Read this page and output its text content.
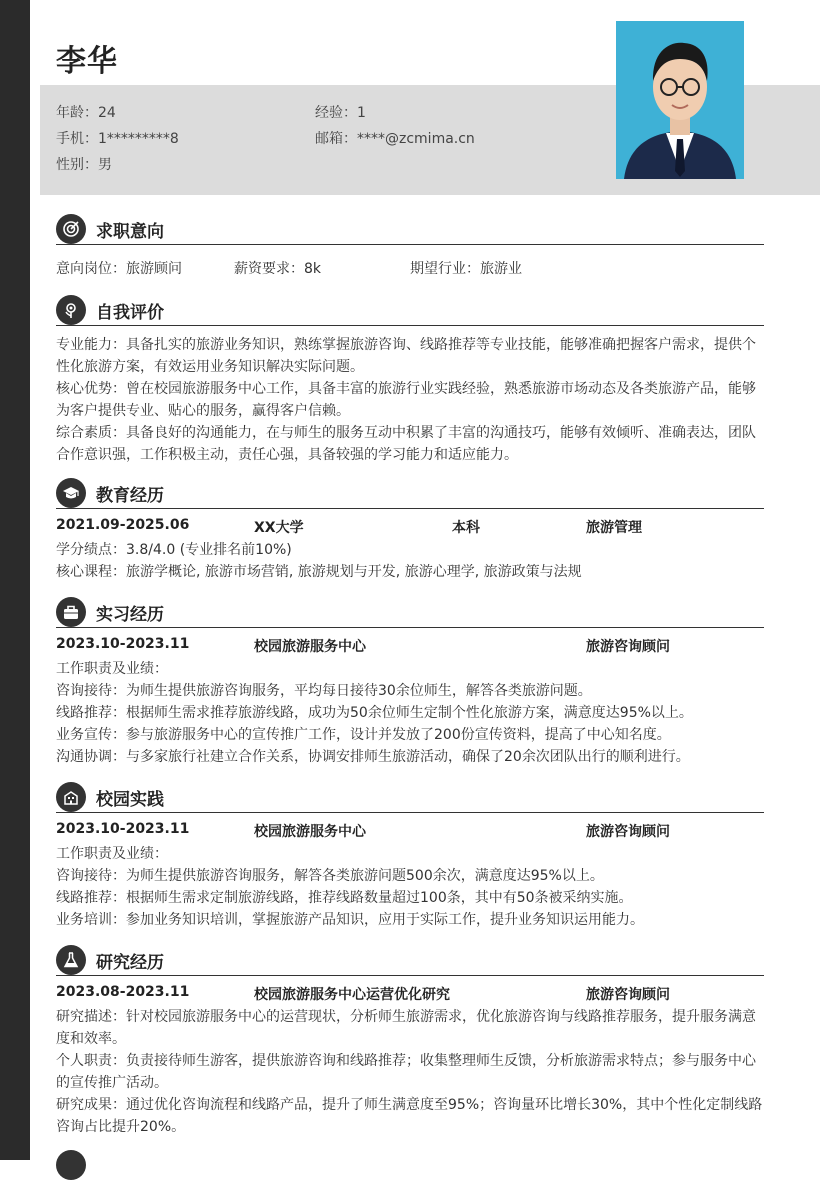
李华
年龄：24	经验：1
手机：1*********8	邮箱：****@zcmima.cn
性别：男
求职意向
意向岗位：旅游顾问	薪资要求：8k	期望行业：旅游业
自我评价
专业能力：具备扎实的旅游业务知识，熟练掌握旅游咨询、线路推荐等专业技能，能够准确把握客户需求，提供个性化旅游方案，有效运用业务知识解决实际问题。
核心优势：曾在校园旅游服务中心工作，具备丰富的旅游行业实践经验，熟悉旅游市场动态及各类旅游产品，能够为客户提供专业、贴心的服务，赢得客户信赖。
综合素质：具备良好的沟通能力，在与师生的服务互动中积累了丰富的沟通技巧，能够有效倾听、准确表达，团队合作意识强，工作积极主动，责任心强，具备较强的学习能力和适应能力。
教育经历
2021.09-2025.06	XX大学	本科	旅游管理
学分绩点：3.8/4.0 (专业排名前10%)
核心课程：旅游学概论, 旅游市场营销, 旅游规划与开发, 旅游心理学, 旅游政策与法规
实习经历
2023.10-2023.11	校园旅游服务中心	旅游咨询顾问
工作职责及业绩：
咨询接待：为师生提供旅游咨询服务，平均每日接待30余位师生，解答各类旅游问题。
线路推荐：根据师生需求推荐旅游线路，成功为50余位师生定制个性化旅游方案，满意度达95%以上。
业务宣传：参与旅游服务中心的宣传推广工作，设计并发放了200份宣传资料，提高了中心知名度。
沟通协调：与多家旅行社建立合作关系，协调安排师生旅游活动，确保了20余次团队出行的顺利进行。
校园实践
2023.10-2023.11	校园旅游服务中心	旅游咨询顾问
工作职责及业绩：
咨询接待：为师生提供旅游咨询服务，解答各类旅游问题500余次，满意度达95%以上。
线路推荐：根据师生需求定制旅游线路，推荐线路数量超过100条，其中有50条被采纳实施。
业务培训：参加业务知识培训，掌握旅游产品知识，应用于实际工作，提升业务知识运用能力。
研究经历
2023.08-2023.11	校园旅游服务中心运营优化研究	旅游咨询顾问
研究描述：针对校园旅游服务中心的运营现状，分析师生旅游需求，优化旅游咨询与线路推荐服务，提升服务满意度和效率。
个人职责：负责接待师生游客，提供旅游咨询和线路推荐；收集整理师生反馈，分析旅游需求特点；参与服务中心的宣传推广活动。
研究成果：通过优化咨询流程和线路产品，提升了师生满意度至95%；咨询量环比增长30%，其中个性化定制线路咨询占比提升20%。
